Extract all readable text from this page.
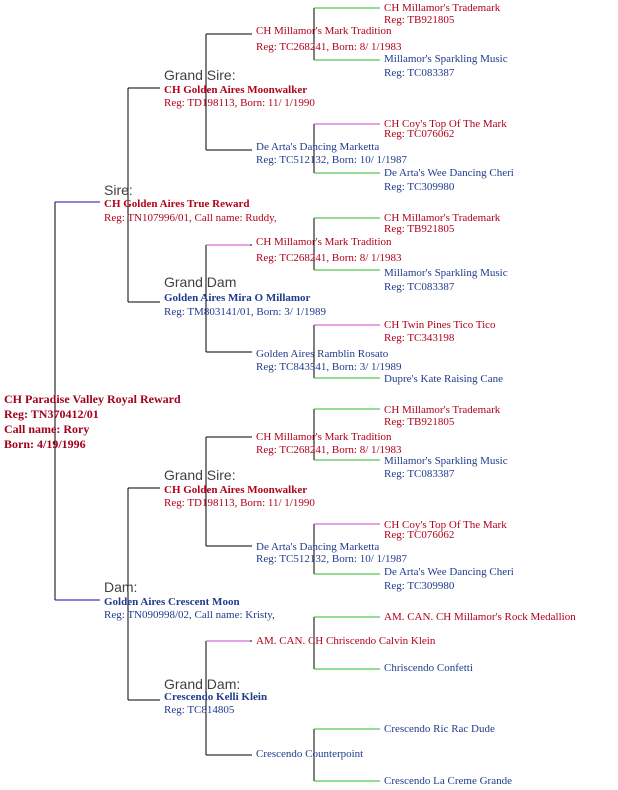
CH Paradise Valley Royal Reward
Reg: TN370412/01
Call name: Rory
Born: 4/19/1996
Sire:
CH Golden Aires True Reward
Reg: TN107996/01, Call name: Ruddy,
Grand Sire:
CH Golden Aires Moonwalker
Reg: TD198113, Born: 11/ 1/1990
CH Millamor's Mark Tradition
Reg: TC268241, Born: 8/ 1/1983
CH Millamor's Trademark
Reg: TB921805
Millamor's Sparkling Music
Reg: TC083387
De Arta's Dancing Marketta
Reg: TC512132, Born: 10/ 1/1987
CH Coy's Top Of The Mark
Reg: TC076062
De Arta's Wee Dancing Cheri
Reg: TC309980
Grand Dam
Golden Aires Mira O Millamor
Reg: TM803141/01, Born: 3/ 1/1989
CH Millamor's Mark Tradition
Reg: TC268241, Born: 8/ 1/1983
CH Millamor's Trademark
Reg: TB921805
Millamor's Sparkling Music
Reg: TC083387
Golden Aires Ramblin Rosato
Reg: TC843541, Born: 3/ 1/1989
CH Twin Pines Tico Tico
Reg: TC343198
Dupre's Kate Raising Cane
Dam:
Golden Aires Crescent Moon
Reg: TN090998/02, Call name: Kristy,
Grand Sire:
CH Golden Aires Moonwalker
Reg: TD198113, Born: 11/ 1/1990
CH Millamor's Mark Tradition
Reg: TC268241, Born: 8/ 1/1983
CH Millamor's Trademark
Reg: TB921805
Millamor's Sparkling Music
Reg: TC083387
De Arta's Dancing Marketta
Reg: TC512132, Born: 10/ 1/1987
CH Coy's Top Of The Mark
Reg: TC076062
De Arta's Wee Dancing Cheri
Reg: TC309980
Grand Dam:
Crescendo Kelli Klein
Reg: TC814805
AM. CAN. CH Chriscendo Calvin Klein
AM. CAN. CH Millamor's Rock Medallion
Chriscendo Confetti
Crescendo Counterpoint
Crescendo Ric Rac Dude
Crescendo La Creme Grande
